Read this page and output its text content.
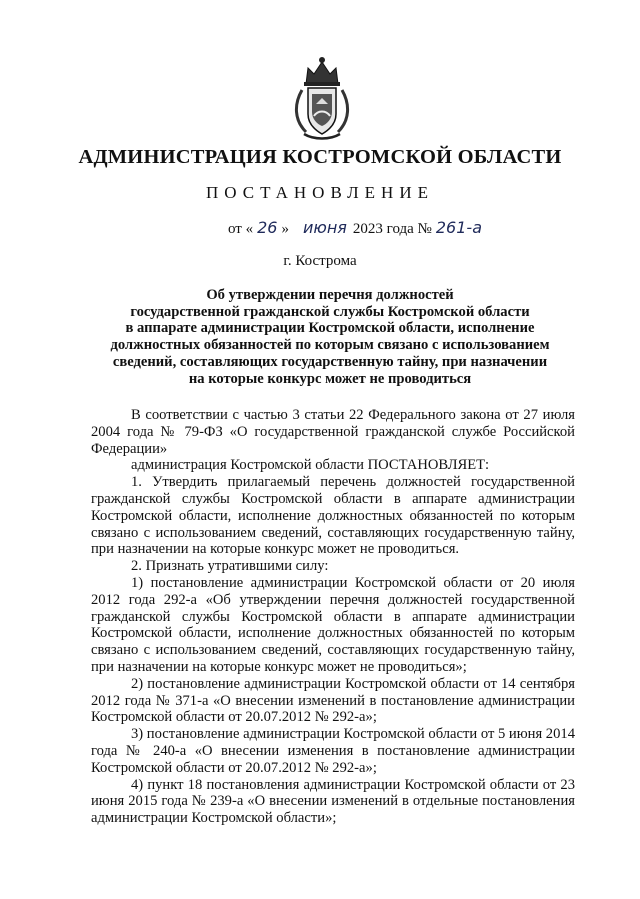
АДМИНИСТРАЦИЯ КОСТРОМСКОЙ ОБЛАСТИ
ПОСТАНОВЛЕНИЕ
от « 26 » июня 2023 года № 261-а
г. Кострома
Об утверждении перечня должностей
государственной гражданской службы Костромской области
в аппарате администрации Костромской области, исполнение
должностных обязанностей по которым связано с использованием
сведений, составляющих государственную тайну, при назначении
на которые конкурс может не проводиться

В соответствии с частью 3 статьи 22 Федерального закона от 27 июля 2004 года № 79-ФЗ «О государственной гражданской службе Российской Федерации»

администрация Костромской области ПОСТАНОВЛЯЕТ:

1. Утвердить прилагаемый перечень должностей государственной гражданской службы Костромской области в аппарате администрации Костромской области, исполнение должностных обязанностей по которым связано с использованием сведений, составляющих государственную тайну, при назначении на которые конкурс может не проводиться.

2. Признать утратившими силу:

1) постановление администрации Костромской области от 20 июля 2012 года 292-а «Об утверждении перечня должностей государственной гражданской службы Костромской области в аппарате администрации Костромской области, исполнение должностных обязанностей по которым связано с использованием сведений, составляющих государственную тайну, при назначении на которые конкурс может не проводиться»;

2) постановление администрации Костромской области от 14 сентября 2012 года № 371-а «О внесении изменений в постановление администрации Костромской области от 20.07.2012 № 292-а»;

3) постановление администрации Костромской области от 5 июня 2014 года № 240-а «О внесении изменения в постановление администрации Костромской области от 20.07.2012 № 292-а»;

4) пункт 18 постановления администрации Костромской области от 23 июня 2015 года № 239-а «О внесении изменений в отдельные постановления администрации Костромской области»;
